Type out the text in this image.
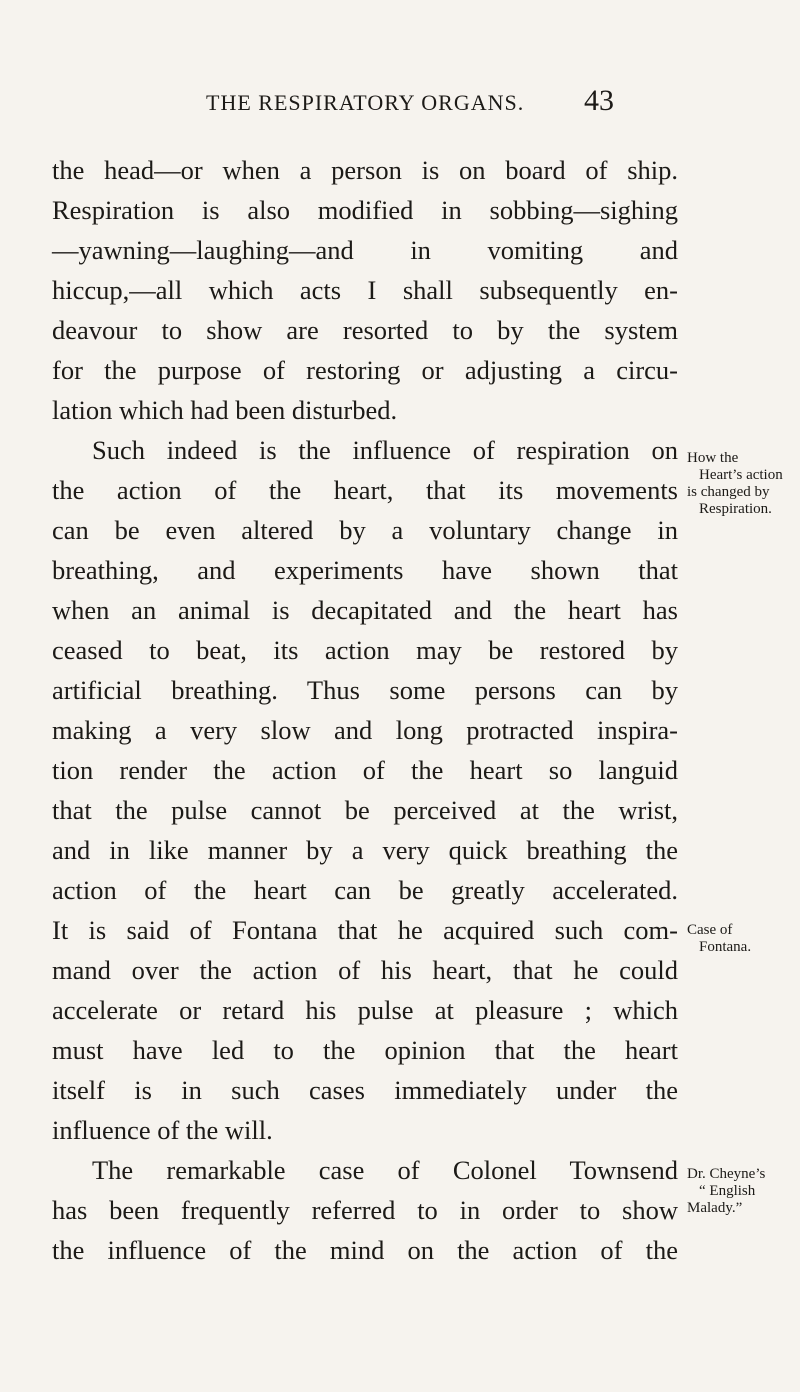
THE RESPIRATORY ORGANS. 43
the head—or when a person is on board of ship.
Respiration is also modified in sobbing—sighing
—yawning—laughing—and in vomiting and
hiccup,—all which acts I shall subsequently en-
deavour to show are resorted to by the system
for the purpose of restoring or adjusting a circu-
lation which had been disturbed.
Such indeed is the influence of respiration on
the action of the heart, that its movements
can be even altered by a voluntary change in
breathing, and experiments have shown that
when an animal is decapitated and the heart has
ceased to beat, its action may be restored by
artificial breathing. Thus some persons can by
making a very slow and long protracted inspira-
tion render the action of the heart so languid
that the pulse cannot be perceived at the wrist,
and in like manner by a very quick breathing the
action of the heart can be greatly accelerated.
It is said of Fontana that he acquired such com-
mand over the action of his heart, that he could
accelerate or retard his pulse at pleasure ; which
must have led to the opinion that the heart
itself is in such cases immediately under the
influence of the will.
The remarkable case of Colonel Townsend
has been frequently referred to in order to show
the influence of the mind on the action of the
How the
Heart’s action
is changed by
Respiration.
Case of
Fontana.
Dr. Cheyne’s
“ English
Malady.”
